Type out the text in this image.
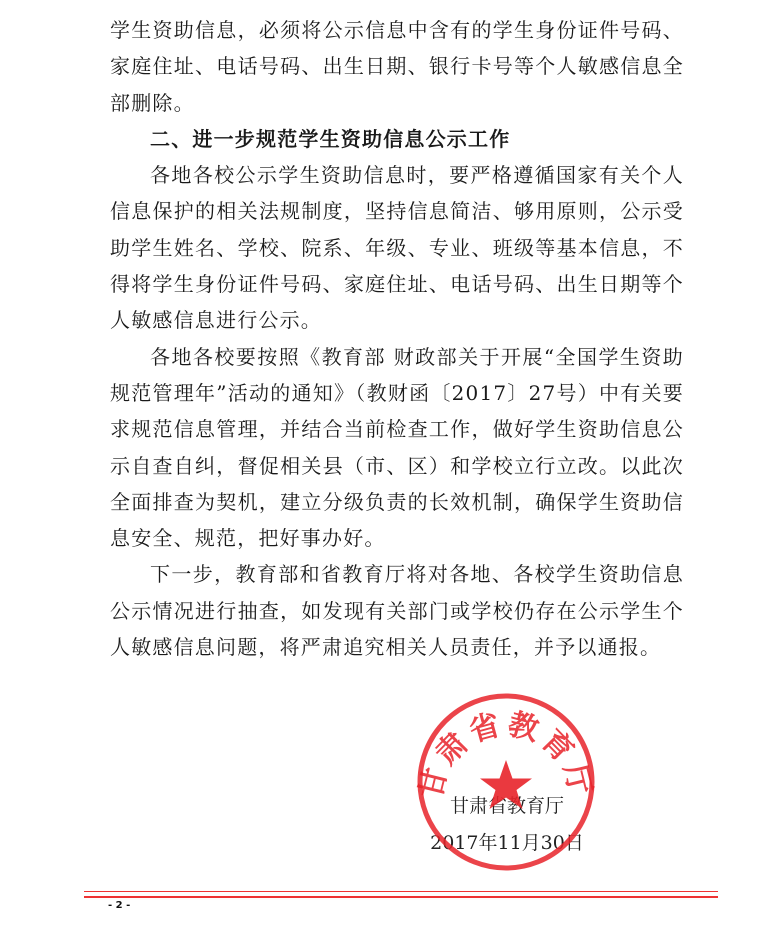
学生资助信息，必须将公示信息中含有的学生身份证件号码、家庭住址、电话号码、出生日期、银行卡号等个人敏感信息全部删除。

二、进一步规范学生资助信息公示工作

各地各校公示学生资助信息时，要严格遵循国家有关个人信息保护的相关法规制度，坚持信息简洁、够用原则，公示受助学生姓名、学校、院系、年级、专业、班级等基本信息，不得将学生身份证件号码、家庭住址、电话号码、出生日期等个人敏感信息进行公示。

各地各校要按照《教育部 财政部关于开展“全国学生资助规范管理年”活动的通知》（教财函〔2017〕27号）中有关要求规范信息管理，并结合当前检查工作，做好学生资助信息公示自查自纠，督促相关县（市、区）和学校立行立改。以此次全面排查为契机，建立分级负责的长效机制，确保学生资助信息安全、规范，把好事办好。

下一步，教育部和省教育厅将对各地、各校学生资助信息公示情况进行抽查，如发现有关部门或学校仍存在公示学生个人敏感信息问题，将严肃追究相关人员责任，并予以通报。

甘肃省教育厅
2017年11月30日
甘肃省教育厅
- 2 -
